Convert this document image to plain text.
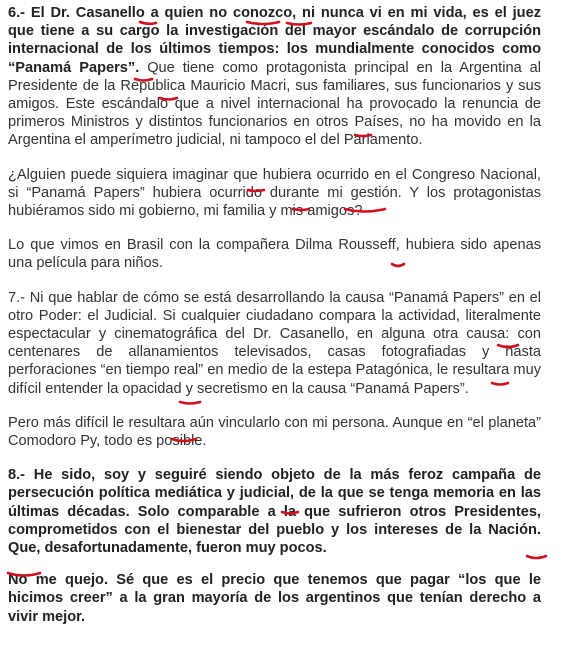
6.- El Dr. Casanello a quien no conozco, ni nunca vi en mi vida, es el juez que tiene a su cargo la investigación del mayor escándalo de corrupción internacional de los últimos tiempos: los mundialmente conocidos como “Panamá Papers”. Que tiene como protagonista principal en la Argentina al Presidente de la Republica Mauricio Macri, sus familiares, sus funcionarios y sus amigos. Este escándalo que a nivel internacional ha provocado la renuncia de primeros Ministros y distintos funcionarios en otros Países, no ha movido en la Argentina el amperímetro judicial, ni tampoco el del Parlamento.

¿Alguien puede siquiera imaginar que hubiera ocurrido en el Congreso Nacional, si “Panamá Papers” hubiera ocurrido durante mi gestión. Y los protagonistas hubiéramos sido mi gobierno, mi familia y mis amigos?

Lo que vimos en Brasil con la compañera Dilma Rousseff, hubiera sido apenas una película para niños.

7.- Ni que hablar de cómo se está desarrollando la causa “Panamá Papers” en el otro Poder: el Judicial. Si cualquier ciudadano compara la actividad, literalmente espectacular y cinematográfica del Dr. Casanello, en alguna otra causa: con centenares de allanamientos televisados, casas fotografiadas y hasta perforaciones “en tiempo real” en medio de la estepa Patagónica, le resultara muy difícil entender la opacidad y secretismo en la causa “Panamá Papers”.

Pero más difícil le resultara aún vincularlo con mi persona. Aunque en “el planeta” Comodoro Py, todo es posible.

8.- He sido, soy y seguiré siendo objeto de la más feroz campaña de persecución política mediática y judicial, de la que se tenga memoria en las últimas décadas. Solo comparable a la que sufrieron otros Presidentes, comprometidos con el bienestar del pueblo y los intereses de la Nación. Que, desafortunadamente, fueron muy pocos.

No me quejo. Sé que es el precio que tenemos que pagar “los que le hicimos creer” a la gran mayoría de los argentinos que tenían derecho a vivir mejor.
